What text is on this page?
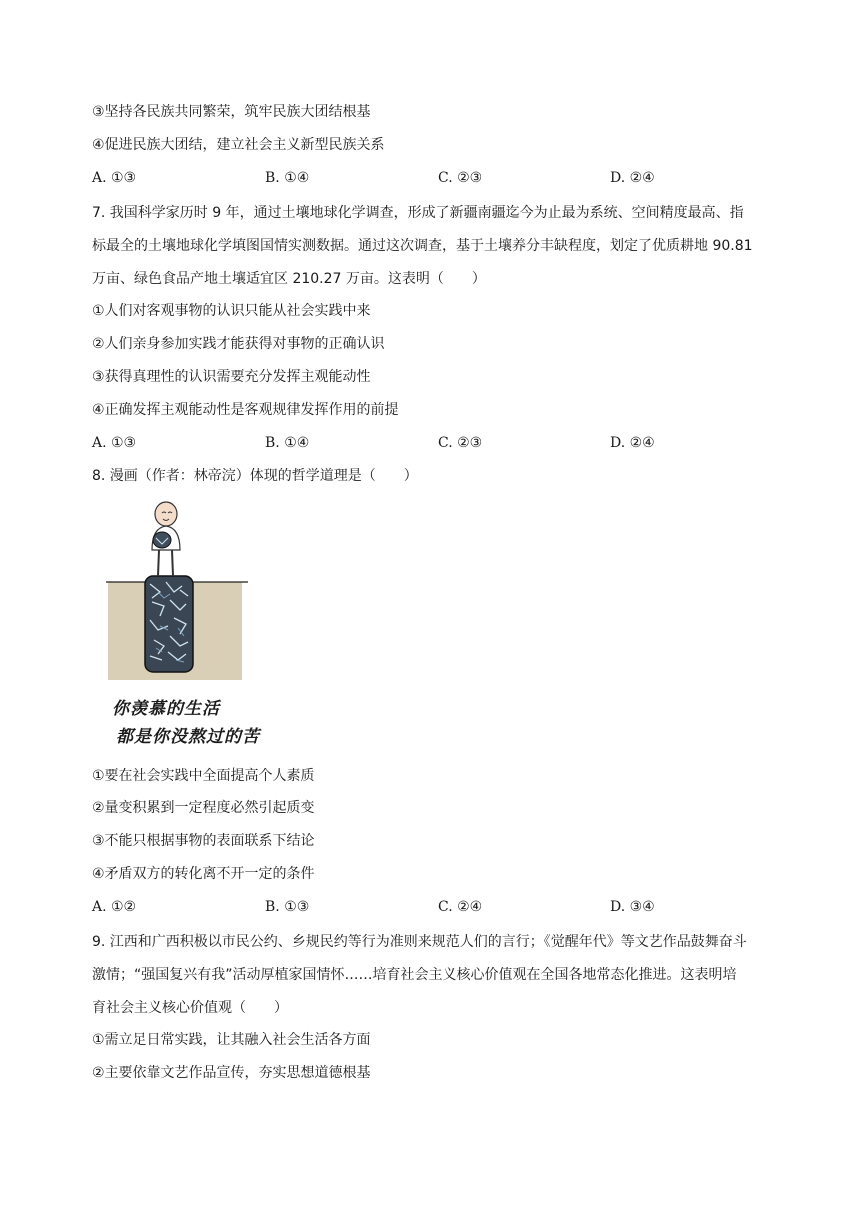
③坚持各民族共同繁荣，筑牢民族大团结根基
④促进民族大团结，建立社会主义新型民族关系
A. ①③	B. ①④	C. ②③	D. ②④
7. 我国科学家历时 9 年，通过土壤地球化学调查，形成了新疆南疆迄今为止最为系统、空间精度最高、指
标最全的土壤地球化学填图国情实测数据。通过这次调查，基于土壤养分丰缺程度，划定了优质耕地 90.81
万亩、绿色食品产地土壤适宜区 210.27 万亩。这表明（　　）
①人们对客观事物的认识只能从社会实践中来
②人们亲身参加实践才能获得对事物的正确认识
③获得真理性的认识需要充分发挥主观能动性
④正确发挥主观能动性是客观规律发挥作用的前提
A. ①③	B. ①④	C. ②③	D. ②④
8. 漫画（作者：林帝浣）体现的哲学道理是（　　）
你羡慕的生活
都是你没熬过的苦
①要在社会实践中全面提高个人素质
②量变积累到一定程度必然引起质变
③不能只根据事物的表面联系下结论
④矛盾双方的转化离不开一定的条件
A. ①②	B. ①③	C. ②④	D. ③④
9. 江西和广西积极以市民公约、乡规民约等行为准则来规范人们的言行；《觉醒年代》等文艺作品鼓舞奋斗
激情；“强国复兴有我”活动厚植家国情怀……培育社会主义核心价值观在全国各地常态化推进。这表明培
育社会主义核心价值观（　　）
①需立足日常实践，让其融入社会生活各方面
②主要依靠文艺作品宣传，夯实思想道德根基
